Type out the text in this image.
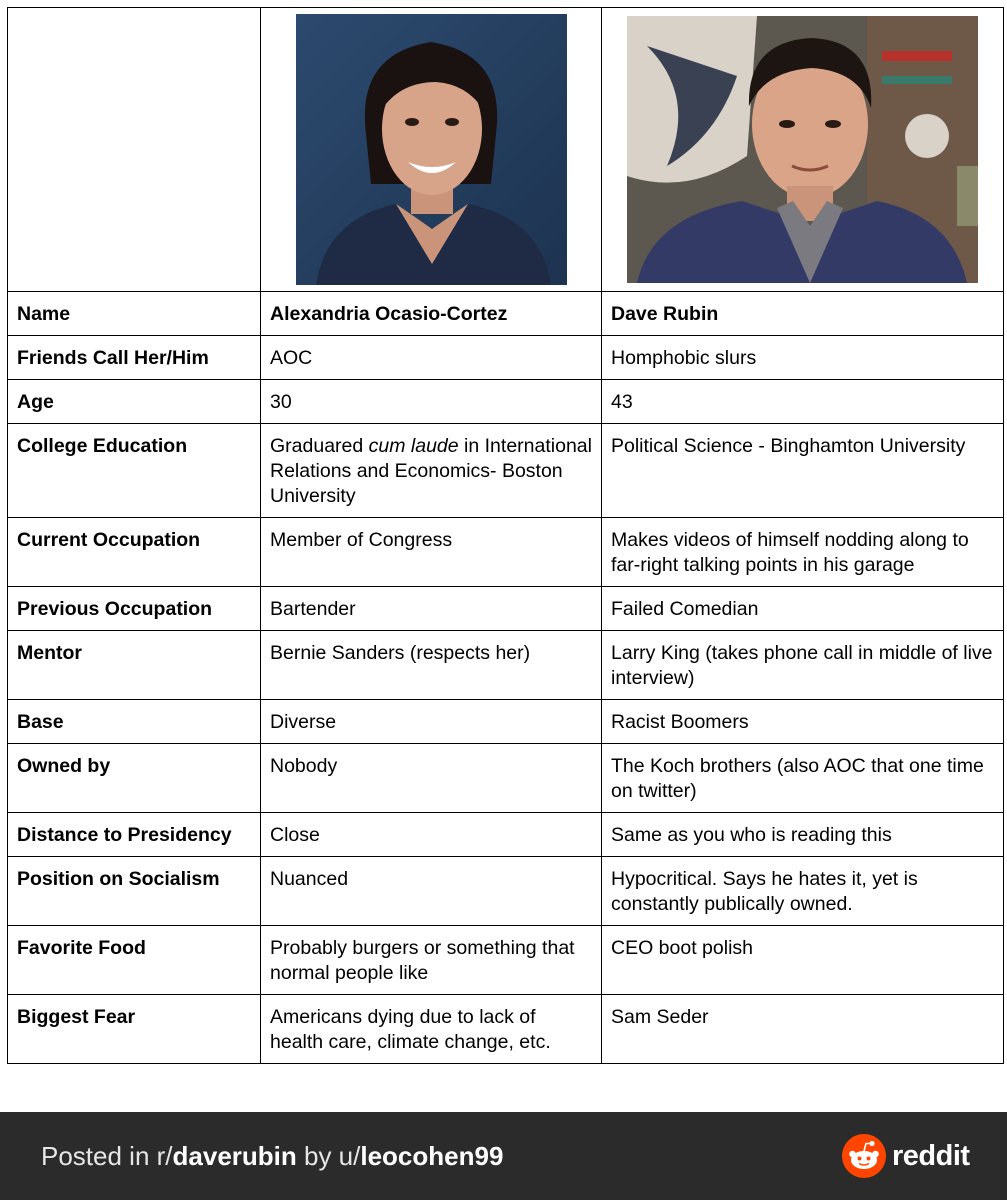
Name	Alexandria Ocasio-Cortez	Dave Rubin
Friends Call Her/Him	AOC	Homphobic slurs
Age	30	43
College Education	Graduared cum laude in International Relations and Economics- Boston University	Political Science - Binghamton University
Current Occupation	Member of Congress	Makes videos of himself nodding along to far-right talking points in his garage
Previous Occupation	Bartender	Failed Comedian
Mentor	Bernie Sanders (respects her)	Larry King (takes phone call in middle of live interview)
Base	Diverse	Racist Boomers
Owned by	Nobody	The Koch brothers (also AOC that one time on twitter)
Distance to Presidency	Close	Same as you who is reading this
Position on Socialism	Nuanced	Hypocritical. Says he hates it, yet is constantly publically owned.
Favorite Food	Probably burgers or something that normal people like	CEO boot polish
Biggest Fear	Americans dying due to lack of health care, climate change, etc.	Sam Seder
Posted in r/daverubin by u/leocohen99	reddit
